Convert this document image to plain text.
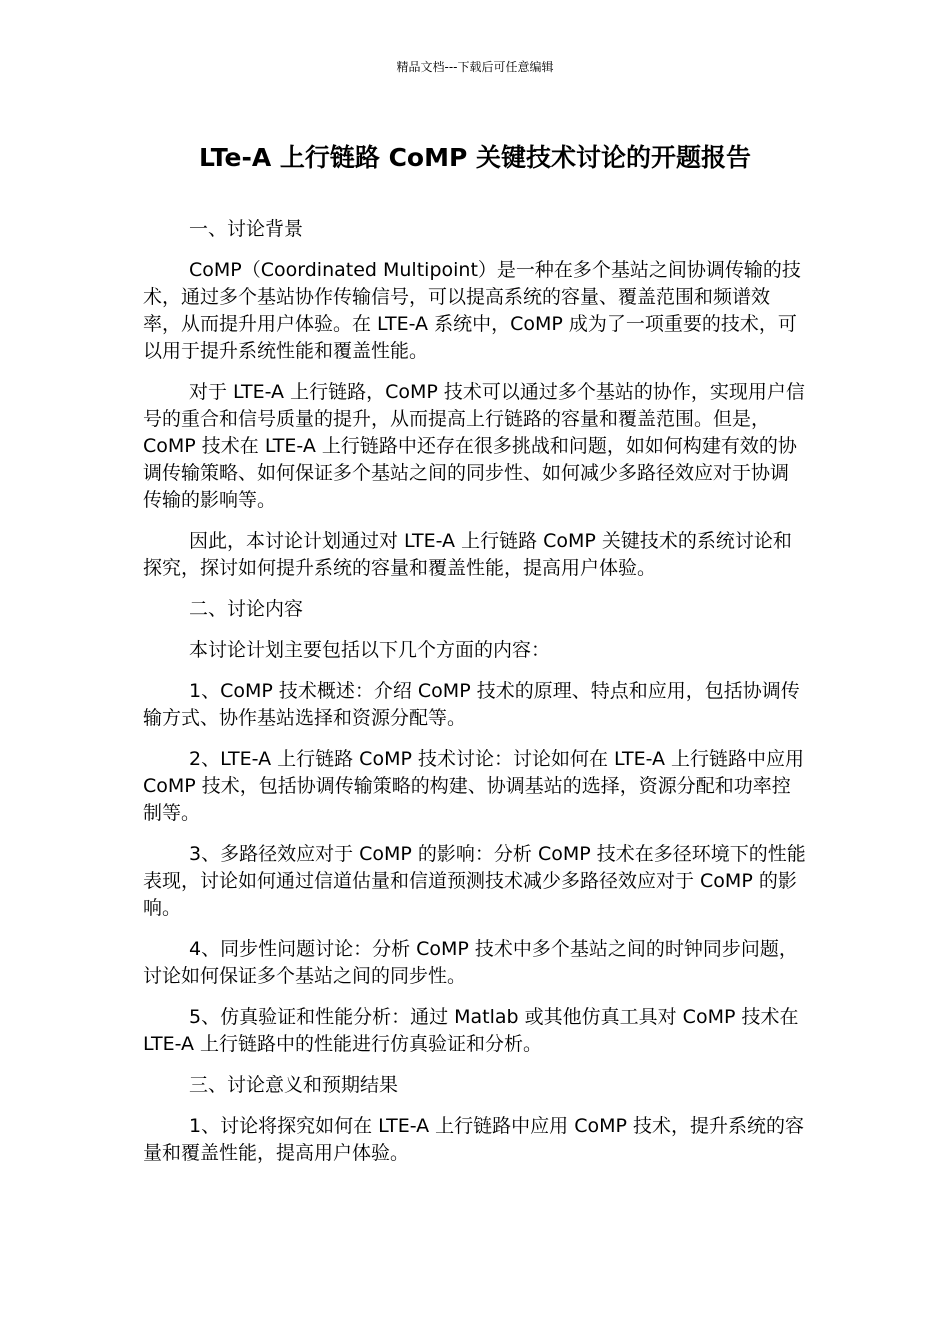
精品文档---下载后可任意编辑
LTe-A 上行链路 CoMP 关键技术讨论的开题报告

一、讨论背景

CoMP（Coordinated Multipoint）是一种在多个基站之间协调传输的技术，通过多个基站协作传输信号，可以提高系统的容量、覆盖范围和频谱效率，从而提升用户体验。在 LTE-A 系统中，CoMP 成为了一项重要的技术，可以用于提升系统性能和覆盖性能。

对于 LTE-A 上行链路，CoMP 技术可以通过多个基站的协作，实现用户信号的重合和信号质量的提升，从而提高上行链路的容量和覆盖范围。但是，CoMP 技术在 LTE-A 上行链路中还存在很多挑战和问题，如如何构建有效的协调传输策略、如何保证多个基站之间的同步性、如何减少多路径效应对于协调传输的影响等。

因此，本讨论计划通过对 LTE-A 上行链路 CoMP 关键技术的系统讨论和探究，探讨如何提升系统的容量和覆盖性能，提高用户体验。

二、讨论内容

本讨论计划主要包括以下几个方面的内容：

1、CoMP 技术概述：介绍 CoMP 技术的原理、特点和应用，包括协调传输方式、协作基站选择和资源分配等。

2、LTE-A 上行链路 CoMP 技术讨论：讨论如何在 LTE-A 上行链路中应用 CoMP 技术，包括协调传输策略的构建、协调基站的选择，资源分配和功率控制等。

3、多路径效应对于 CoMP 的影响：分析 CoMP 技术在多径环境下的性能表现，讨论如何通过信道估量和信道预测技术减少多路径效应对于 CoMP 的影响。

4、同步性问题讨论：分析 CoMP 技术中多个基站之间的时钟同步问题，讨论如何保证多个基站之间的同步性。

5、仿真验证和性能分析：通过 Matlab 或其他仿真工具对 CoMP 技术在 LTE-A 上行链路中的性能进行仿真验证和分析。

三、讨论意义和预期结果

1、讨论将探究如何在 LTE-A 上行链路中应用 CoMP 技术，提升系统的容量和覆盖性能，提高用户体验。
